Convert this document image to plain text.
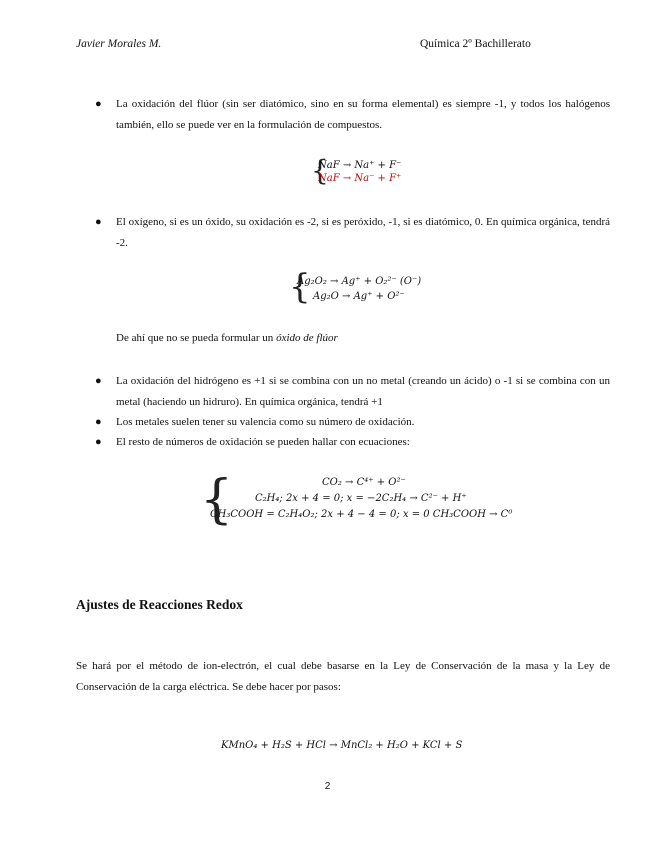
Javier Morales M.	Química 2º Bachillerato
● La oxidación del flúor (sin ser diatómico, sino en su forma elemental) es siempre -1, y todos los halógenos también, ello se puede ver en la formulación de compuestos.
{
NaF → Na⁺ + F⁻
NaF → Na⁻ + F⁺
● El oxígeno, si es un óxido, su oxidación es -2, si es peróxido, -1, si es diatómico, 0. En química orgánica, tendrá -2.
{
Ag₂O₂ → Ag⁺ + O₂²⁻ (O⁻)
Ag₂O → Ag⁺ + O²⁻
De ahí que no se pueda formular un óxido de flúor
● La oxidación del hidrógeno es +1 si se combina con un no metal (creando un ácido) o -1 si se combina con un metal (haciendo un hidruro). En química orgánica, tendrá +1
● Los metales suelen tener su valencia como su número de oxidación.
● El resto de números de oxidación se pueden hallar con ecuaciones:
{	CO₂ → C⁴⁺ + O²⁻
C₂H₄; 2x + 4 = 0; x = −2C₂H₄ → C²⁻ + H⁺
CH₃COOH = C₂H₄O₂; 2x + 4 − 4 = 0; x = 0 CH₃COOH → C⁰
Ajustes de Reacciones Redox
Se hará por el método de ion-electrón, el cual debe basarse en la Ley de Conservación de la masa y la Ley de Conservación de la carga eléctrica. Se debe hacer por pasos:
KMnO₄ + H₂S + HCl → MnCl₂ + H₂O + KCl + S
2
